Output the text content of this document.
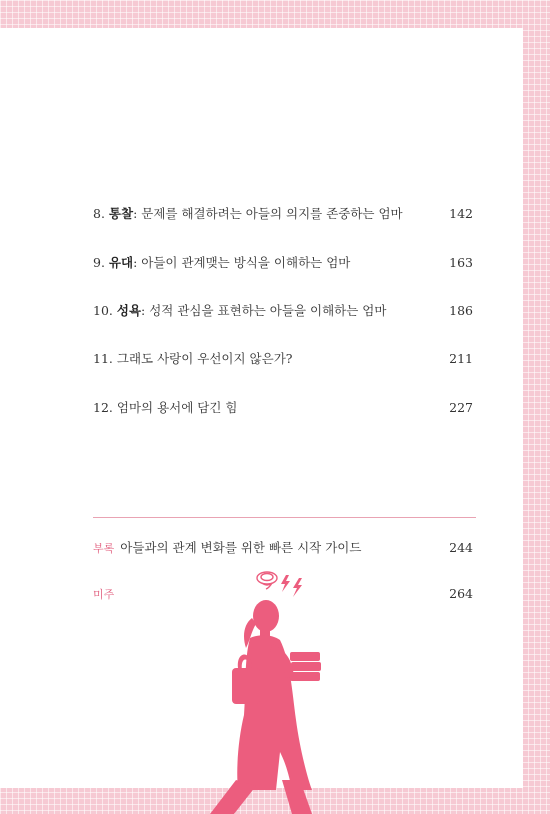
8. 통찰: 문제를 해결하려는 아들의 의지를 존중하는 엄마	142
9. 유대: 아들이 관계맺는 방식을 이해하는 엄마	163
10. 성욕: 성적 관심을 표현하는 아들을 이해하는 엄마	186
11. 그래도 사랑이 우선이지 않은가?	211
12. 엄마의 용서에 담긴 힘	227
부록 아들과의 관계 변화를 위한 빠른 시작 가이드	244
미주	264
